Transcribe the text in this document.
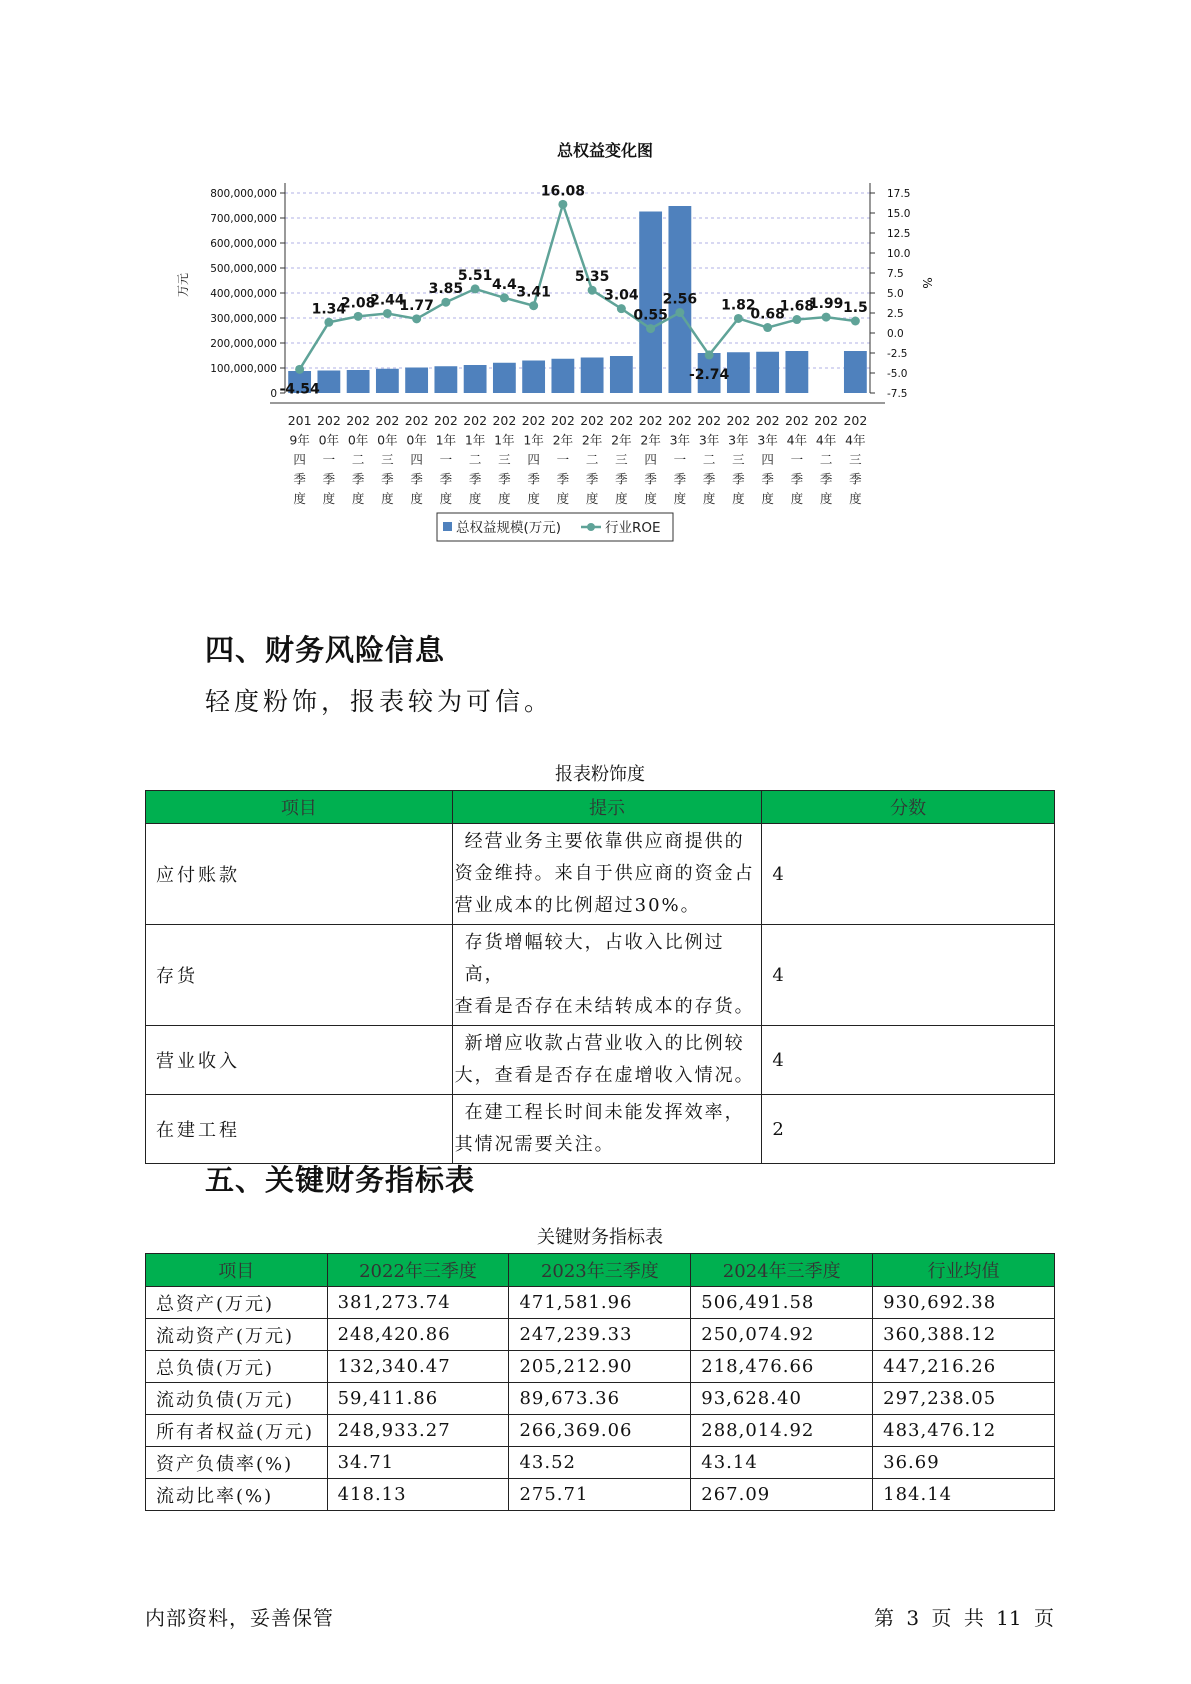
总权益变化图
0
100,000,000
200,000,000
300,000,000
400,000,000
500,000,000
600,000,000
700,000,000
800,000,000	17.5
15.0
12.5
10.0
7.5
5.0
2.5
0.0
-2.5
-5.0
-7.5
万元	%
-4.54
1.34
2.08
2.44
1.77
3.85
5.51
4.4 3.41
16.08
5.35
3.04
0.55
2.56
-2.74
1.82
0.68
1.68
1.99 1.5
201
9年
四
季
度
202
0年
一
季
度
202
0年
二
季
度
202
0年
三
季
度
202
0年
四
季
度
202
1年
一
季
度
202
1年
二
季
度
202
1年
三
季
度
202
1年
四
季
度
202
2年
一
季
度
202
2年
二
季
度
202
2年
三
季
度
202
2年
四
季
度
202
3年
一
季
度
202
3年
二
季
度
202
3年
三
季
度
202
3年
四
季
度
202
4年
一
季
度
202
4年
二
季
度
202
4年
三
季
度
总权益规模(万元)	行业ROE
四、财务风险信息

轻度粉饰，报表较为可信。

报表粉饰度
项目	提示	分数
应付账款	经营业务主要依靠供应商提供的
资金维持。来自于供应商的资金占
营业成本的比例超过30%。	4
存货	存货增幅较大，占收入比例过高，
查看是否存在未结转成本的存货。	4
营业收入	新增应收款占营业收入的比例较
大，查看是否存在虚增收入情况。	4
在建工程	在建工程长时间未能发挥效率，
其情况需要关注。	2
五、关键财务指标表
关键财务指标表
项目	2022年三季度	2023年三季度	2024年三季度	行业均值
总资产(万元)	381,273.74	471,581.96	506,491.58	930,692.38
流动资产(万元)	248,420.86	247,239.33	250,074.92	360,388.12
总负债(万元)	132,340.47	205,212.90	218,476.66	447,216.26
流动负债(万元)	59,411.86	89,673.36	93,628.40	297,238.05
所有者权益(万元)	248,933.27	266,369.06	288,014.92	483,476.12
资产负债率(%)	34.71	43.52	43.14	36.69
流动比率(%)	418.13	275.71	267.09	184.14
内部资料，妥善保管	第 3 页 共 11 页
